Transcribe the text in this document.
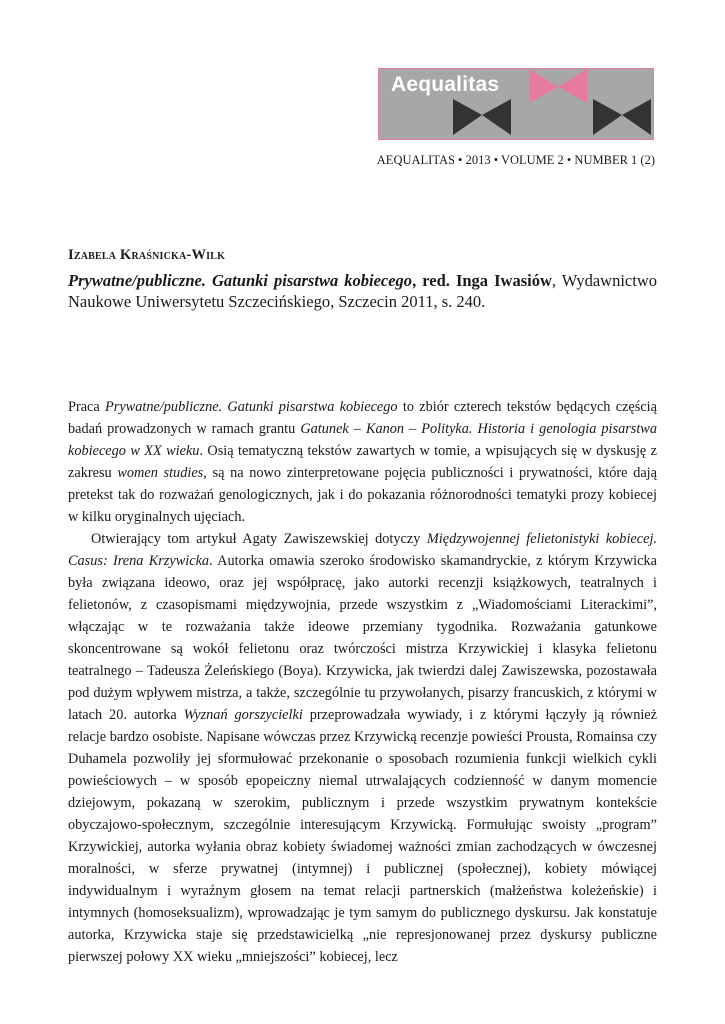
Aequalitas
AEQUALITAS • 2013 • VOLUME 2 • NUMBER 1 (2)
Izabela Kraśnicka-Wilk
Prywatne/publiczne. Gatunki pisarstwa kobiecego, red. Inga Iwasiów, Wydawnictwo Naukowe Uniwersytetu Szczecińskiego, Szczecin 2011, s. 240.

Praca Prywatne/publiczne. Gatunki pisarstwa kobiecego to zbiór czterech tekstów będących częścią badań prowadzonych w ramach grantu Gatunek – Kanon – Polityka. Historia i genologia pisarstwa kobiecego w XX wieku. Osią tematyczną tekstów zawartych w tomie, a wpisujących się w dyskusję z zakresu women studies, są na nowo zinterpretowane pojęcia publiczności i prywatności, które dają pretekst tak do rozważań genologicznych, jak i do pokazania różnorodności tematyki prozy kobiecej w kilku oryginalnych ujęciach.

Otwierający tom artykuł Agaty Zawiszewskiej dotyczy Międzywojennej felietonistyki kobiecej. Casus: Irena Krzywicka. Autorka omawia szeroko środowisko skamandryckie, z którym Krzywicka była związana ideowo, oraz jej współpracę, jako autorki recenzji książkowych, teatralnych i felietonów, z czasopismami międzywojnia, przede wszystkim z „Wiadomościami Literackimi”, włączając w te rozważania także ideowe przemiany tygodnika. Rozważania gatunkowe skoncentrowane są wokół felietonu oraz twórczości mistrza Krzywickiej i klasyka felietonu teatralnego – Tadeusza Żeleńskiego (Boya). Krzywicka, jak twierdzi dalej Zawiszewska, pozostawała pod dużym wpływem mistrza, a także, szczególnie tu przywołanych, pisarzy francuskich, z którymi w latach 20. autorka Wyznań gorszycielki przeprowadzała wywiady, i z którymi łączyły ją również relacje bardzo osobiste. Napisane wówczas przez Krzywicką recenzje powieści Prousta, Romainsa czy Duhamela pozwoliły jej sformułować przekonanie o sposobach rozumienia funkcji wielkich cykli powieściowych – w sposób epopeiczny niemal utrwalających codzienność w danym momencie dziejowym, pokazaną w szerokim, publicznym i przede wszystkim prywatnym kontekście obyczajowo-społecznym, szczególnie interesującym Krzywicką. Formułując swoisty „program” Krzywickiej, autorka wyłania obraz kobiety świadomej ważności zmian zachodzących w ówczesnej moralności, w sferze prywatnej (intymnej) i publicznej (społecznej), kobiety mówiącej indywidualnym i wyraźnym głosem na temat relacji partnerskich (małżeństwa koleżeńskie) i intymnych (homoseksualizm), wprowadzając je tym samym do publicznego dyskursu. Jak konstatuje autorka, Krzywicka staje się przedstawicielką „nie represjonowanej przez dyskursy publiczne pierwszej połowy XX wieku „mniejszości” kobiecej, lecz
